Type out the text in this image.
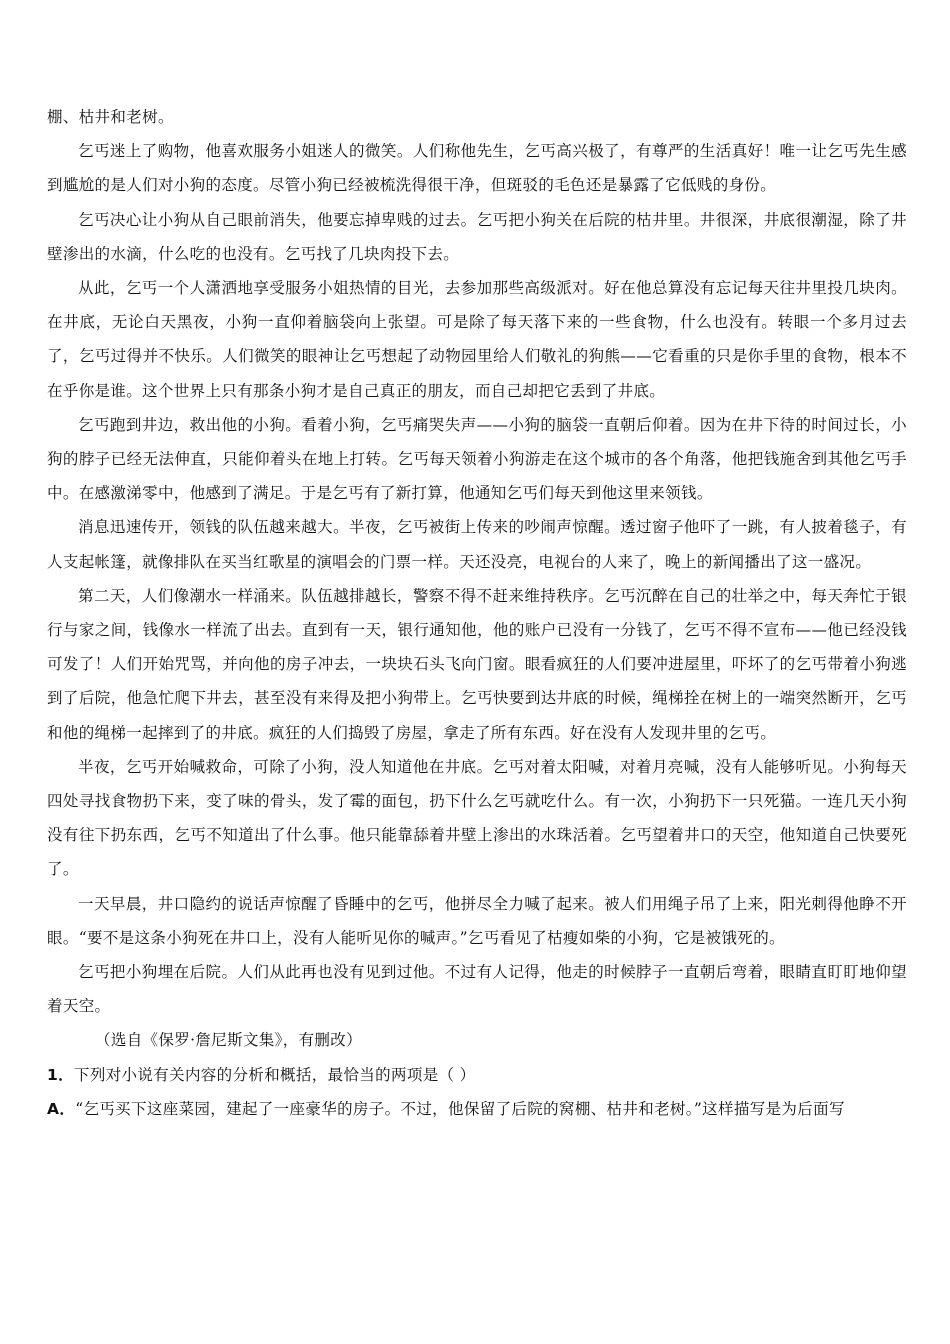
棚、枯井和老树。

乞丐迷上了购物，他喜欢服务小姐迷人的微笑。人们称他先生，乞丐高兴极了，有尊严的生活真好！唯一让乞丐先生感到尴尬的是人们对小狗的态度。尽管小狗已经被梳洗得很干净，但斑驳的毛色还是暴露了它低贱的身份。

乞丐决心让小狗从自己眼前消失，他要忘掉卑贱的过去。乞丐把小狗关在后院的枯井里。井很深，井底很潮湿，除了井壁渗出的水滴，什么吃的也没有。乞丐找了几块肉投下去。

从此，乞丐一个人潇洒地享受服务小姐热情的目光，去参加那些高级派对。好在他总算没有忘记每天往井里投几块肉。在井底，无论白天黑夜，小狗一直仰着脑袋向上张望。可是除了每天落下来的一些食物，什么也没有。转眼一个多月过去了，乞丐过得并不快乐。人们微笑的眼神让乞丐想起了动物园里给人们敬礼的狗熊——它看重的只是你手里的食物，根本不在乎你是谁。这个世界上只有那条小狗才是自己真正的朋友，而自己却把它丢到了井底。

乞丐跑到井边，救出他的小狗。看着小狗，乞丐痛哭失声——小狗的脑袋一直朝后仰着。因为在井下待的时间过长，小狗的脖子已经无法伸直，只能仰着头在地上打转。乞丐每天领着小狗游走在这个城市的各个角落，他把钱施舍到其他乞丐手中。在感激涕零中，他感到了满足。于是乞丐有了新打算，他通知乞丐们每天到他这里来领钱。

消息迅速传开，领钱的队伍越来越大。半夜，乞丐被街上传来的吵闹声惊醒。透过窗子他吓了一跳，有人披着毯子，有人支起帐篷，就像排队在买当红歌星的演唱会的门票一样。天还没亮，电视台的人来了，晚上的新闻播出了这一盛况。

第二天，人们像潮水一样涌来。队伍越排越长，警察不得不赶来维持秩序。乞丐沉醉在自己的壮举之中，每天奔忙于银行与家之间，钱像水一样流了出去。直到有一天，银行通知他，他的账户已没有一分钱了，乞丐不得不宣布——他已经没钱可发了！人们开始咒骂，并向他的房子冲去，一块块石头飞向门窗。眼看疯狂的人们要冲进屋里，吓坏了的乞丐带着小狗逃到了后院，他急忙爬下井去，甚至没有来得及把小狗带上。乞丐快要到达井底的时候，绳梯拴在树上的一端突然断开，乞丐和他的绳梯一起摔到了的井底。疯狂的人们捣毁了房屋，拿走了所有东西。好在没有人发现井里的乞丐。

半夜，乞丐开始喊救命，可除了小狗，没人知道他在井底。乞丐对着太阳喊，对着月亮喊，没有人能够听见。小狗每天四处寻找食物扔下来，变了味的骨头，发了霉的面包，扔下什么乞丐就吃什么。有一次，小狗扔下一只死猫。一连几天小狗没有往下扔东西，乞丐不知道出了什么事。他只能靠舔着井壁上渗出的水珠活着。乞丐望着井口的天空，他知道自己快要死了。

一天早晨，井口隐约的说话声惊醒了昏睡中的乞丐，他拼尽全力喊了起来。被人们用绳子吊了上来，阳光刺得他睁不开眼。“要不是这条小狗死在井口上，没有人能听见你的喊声。”乞丐看见了枯瘦如柴的小狗，它是被饿死的。

乞丐把小狗埋在后院。人们从此再也没有见到过他。不过有人记得，他走的时候脖子一直朝后弯着，眼睛直盯盯地仰望着天空。

（选自《保罗·詹尼斯文集》，有删改）

1．下列对小说有关内容的分析和概括，最恰当的两项是（ ）

A．“乞丐买下这座菜园，建起了一座豪华的房子。不过，他保留了后院的窝棚、枯井和老树。”这样描写是为后面写
